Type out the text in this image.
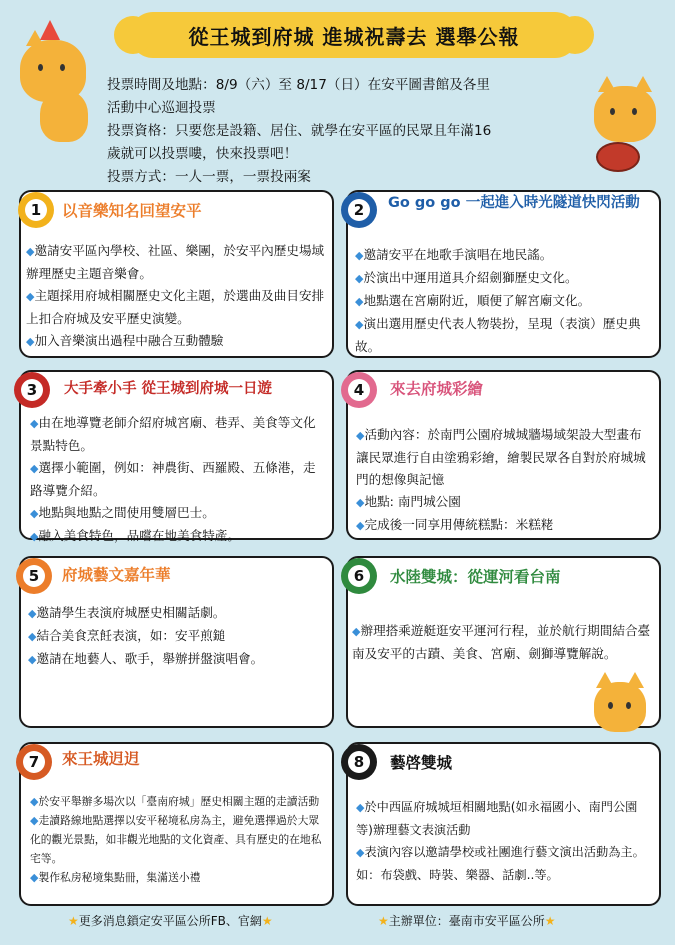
從王城到府城 進城祝壽去 選舉公報
投票時間及地點：8/9（六）至 8/17（日）在安平圖書館及各里
活動中心巡迴投票
投票資格：只要您是設籍、居住、就學在安平區的民眾且年滿16
歲就可以投票嘍，快來投票吧！
投票方式：一人一票，一票投兩案
1	以音樂知名回望安平
◆邀請安平區內學校、社區、樂團，於安平內歷史場域辦理歷史主題音樂會。
◆主題採用府城相關歷史文化主題，於選曲及曲目安排上扣合府城及安平歷史演變。
◆加入音樂演出過程中融合互動體驗
2	Go go go 一起進入時光隧道快閃活動
◆邀請安平在地歌手演唱在地民謠。
◆於演出中運用道具介紹劍獅歷史文化。
◆地點選在宮廟附近，順便了解宮廟文化。
◆演出選用歷史代表人物裝扮，呈現（表演）歷史典故。
3	大手牽小手 從王城到府城一日遊
◆由在地導覽老師介紹府城宮廟、巷弄、美食等文化景點特色。
◆選擇小範圍，例如：神農街、西羅殿、五條港，走路導覽介紹。
◆地點與地點之間使用雙層巴士。
◆融入美食特色，品嚐在地美食特產。
4	來去府城彩繪
◆活動內容：於南門公園府城城牆場域架設大型畫布讓民眾進行自由塗鴉彩繪，繪製民眾各自對於府城城門的想像與記憶
◆地點: 南門城公園
◆完成後一同享用傳統糕點：米糕粩
5	府城藝文嘉年華
◆邀請學生表演府城歷史相關話劇。
◆結合美食烹飪表演，如：安平煎鎚
◆邀請在地藝人、歌手，舉辦拼盤演唱會。
6	水陸雙城：從運河看台南
◆辦理搭乘遊艇逛安平運河行程，並於航行期間結合臺南及安平的古蹟、美食、宮廟、劍獅導覽解說。
7	來王城迌迌
◆於安平舉辦多場次以「臺南府城」歷史相關主題的走讀活動
◆走讀路線地點選擇以安平秘境私房為主，避免選擇過於大眾化的觀光景點，如非觀光地點的文化資產、具有歷史的在地私宅等。
◆製作私房秘境集點冊，集滿送小禮
8	藝啓雙城
◆於中西區府城城垣相關地點(如永福國小、南門公園等)辦理藝文表演活動
◆表演內容以邀請學校或社團進行藝文演出活動為主。如：布袋戲、時裝、樂器、話劇..等。
★更多消息鎖定安平區公所FB、官網★	★主辦單位：臺南市安平區公所★
